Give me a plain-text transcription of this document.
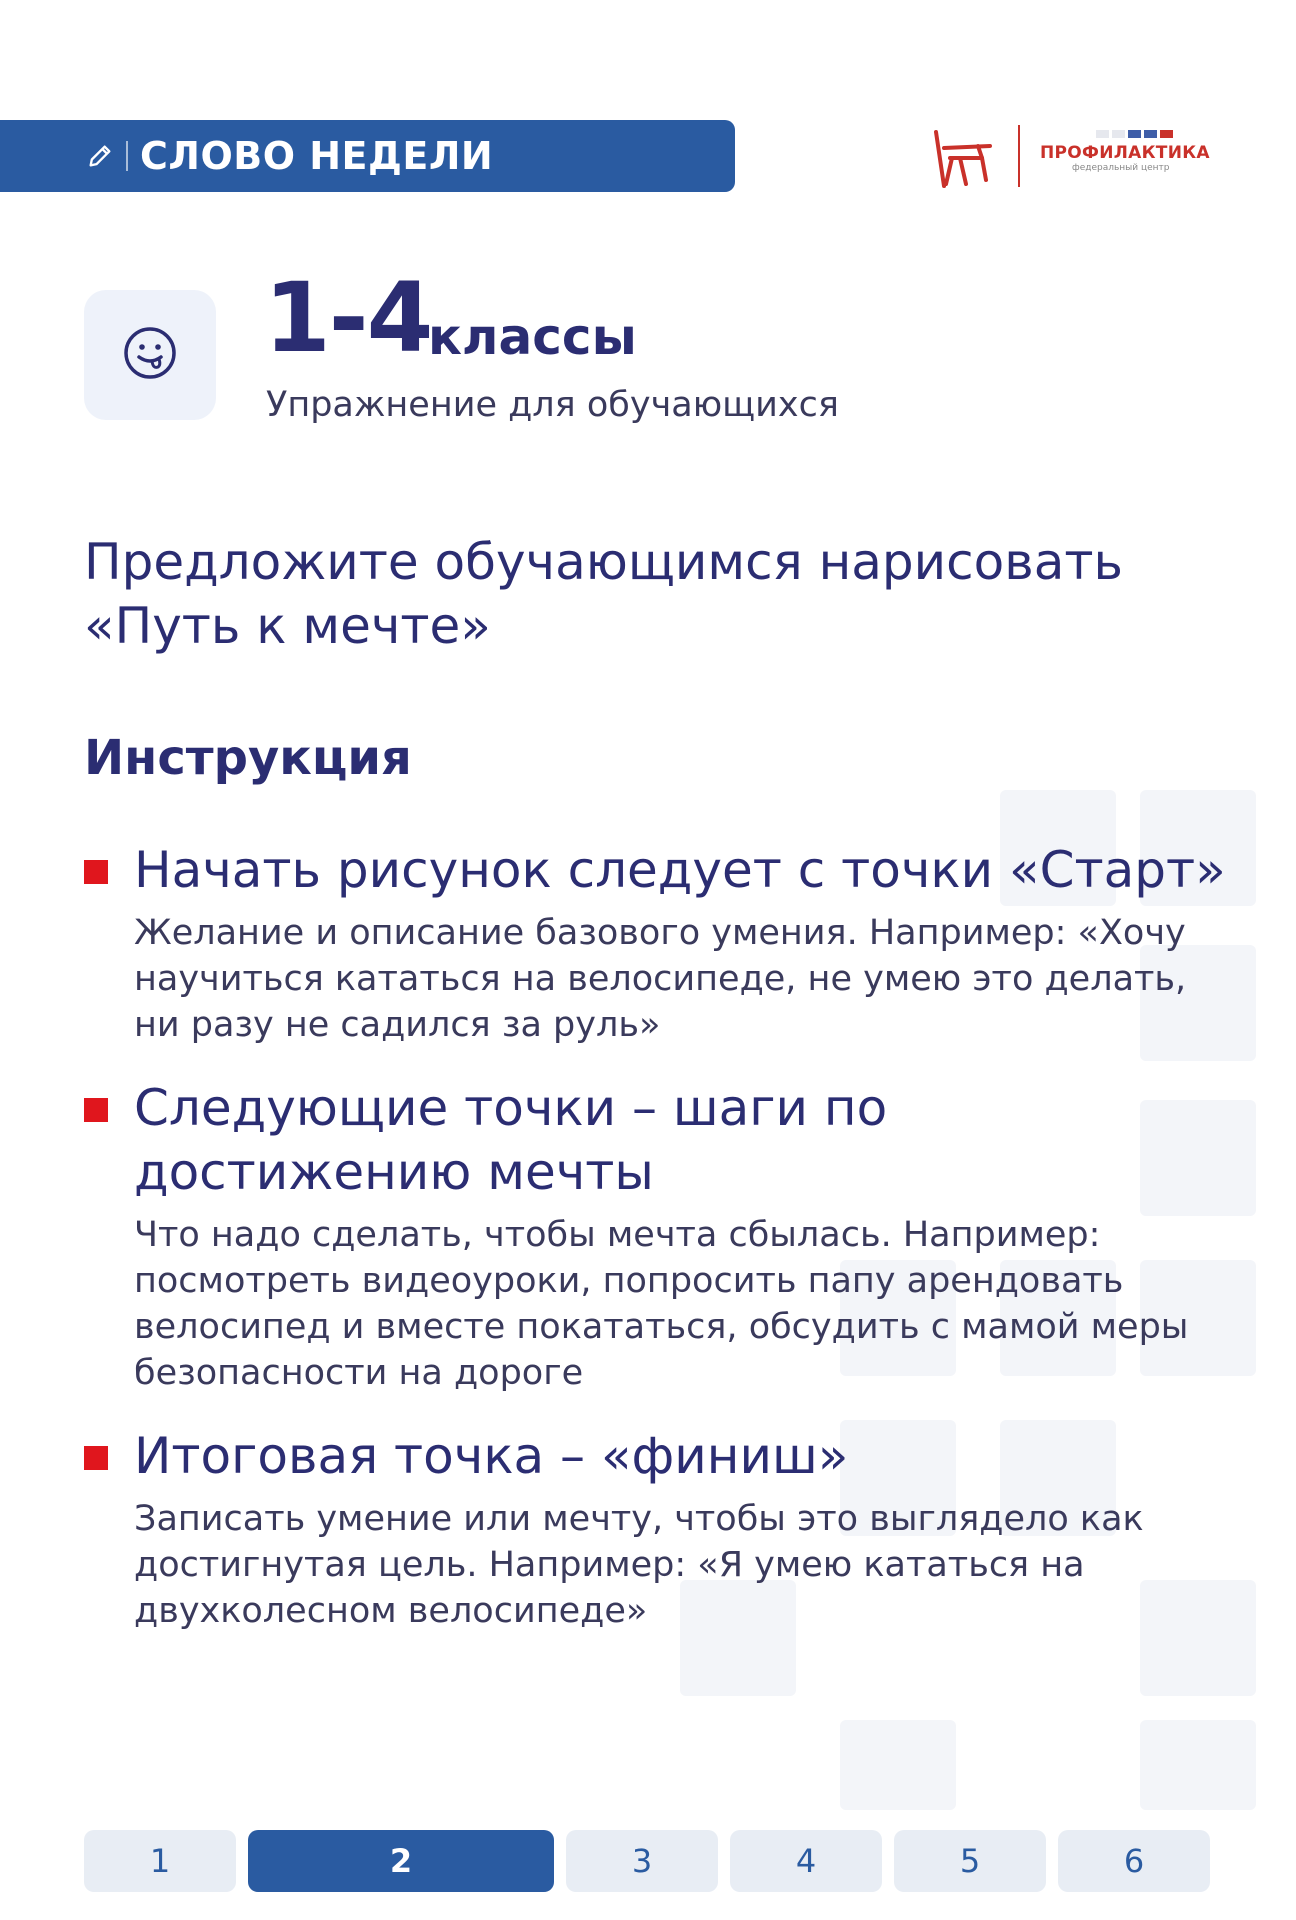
СЛОВО НЕДЕЛИ	ПРОФИЛАКТИКА
федеральный центр
1-4
классы
Упражнение для обучающихся
Предложите обучающимся нарисовать «Путь к мечте»
Инструкция
Начать рисунок следует с точки «Старт»
Желание и описание базового умения. Например: «Хочу научиться кататься на велосипеде, не умею это делать, ни разу не садился за руль»
Следующие точки – шаги по достижению мечты
Что надо сделать, чтобы мечта сбылась. Например: посмотреть видеоуроки, попросить папу арендовать велосипед и вместе покататься, обсудить с мамой меры безопасности на дороге
Итоговая точка – «финиш»
Записать умение или мечту, чтобы это выглядело как достигнутая цель. Например: «Я умею кататься на двухколесном велосипеде»
1	2	3	4	5	6
